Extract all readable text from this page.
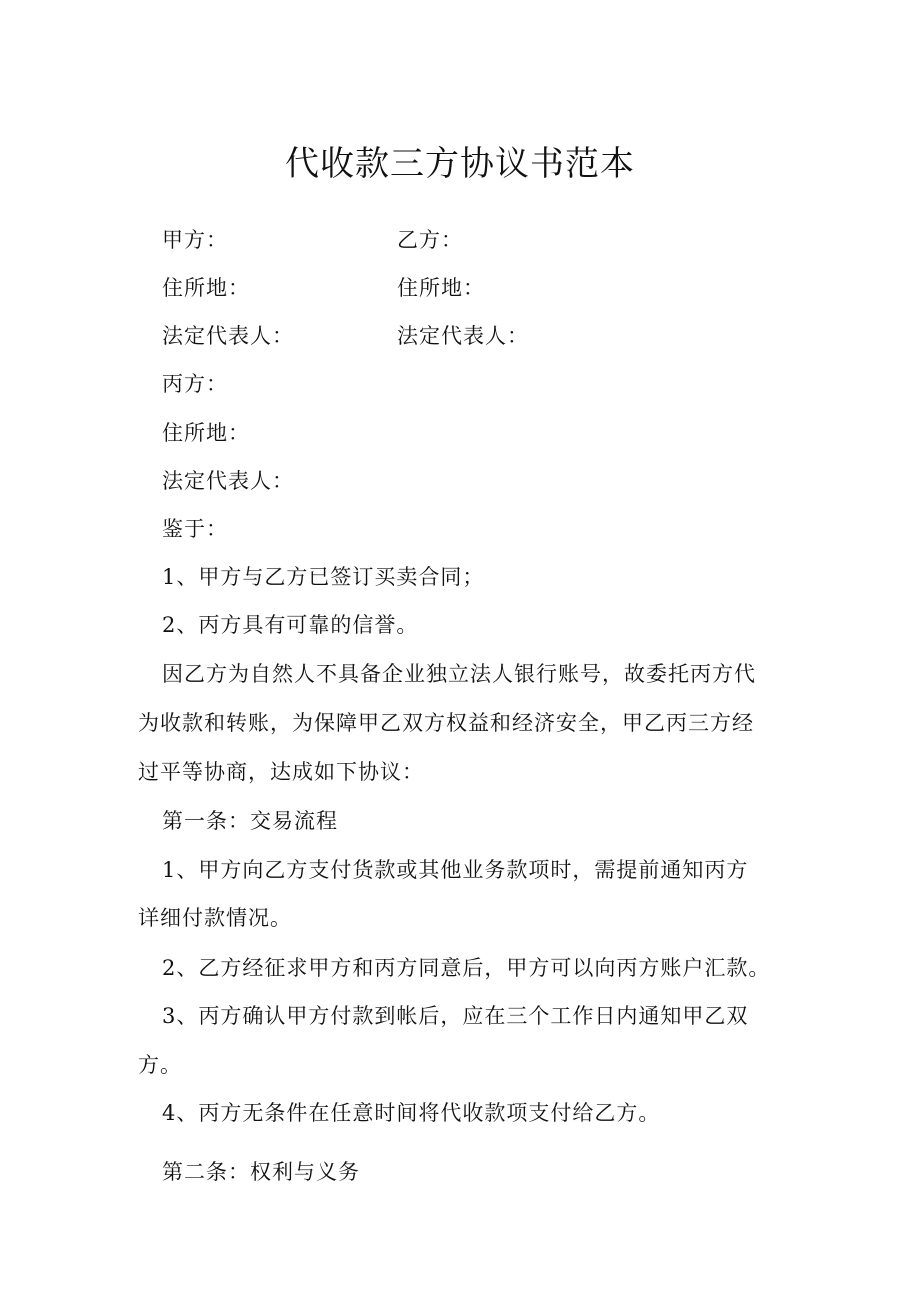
代收款三方协议书范本
甲方：	乙方：
住所地：	住所地：
法定代表人：	法定代表人：
丙方：
住所地：
法定代表人：
鉴于：
1、甲方与乙方已签订买卖合同；
2、丙方具有可靠的信誉。
因乙方为自然人不具备企业独立法人银行账号，故委托丙方代
为收款和转账，为保障甲乙双方权益和经济安全，甲乙丙三方经
过平等协商，达成如下协议：
第一条：交易流程
1、甲方向乙方支付货款或其他业务款项时，需提前通知丙方
详细付款情况。
2、乙方经征求甲方和丙方同意后，甲方可以向丙方账户汇款。
3、丙方确认甲方付款到帐后，应在三个工作日内通知甲乙双
方。
4、丙方无条件在任意时间将代收款项支付给乙方。
第二条：权利与义务
